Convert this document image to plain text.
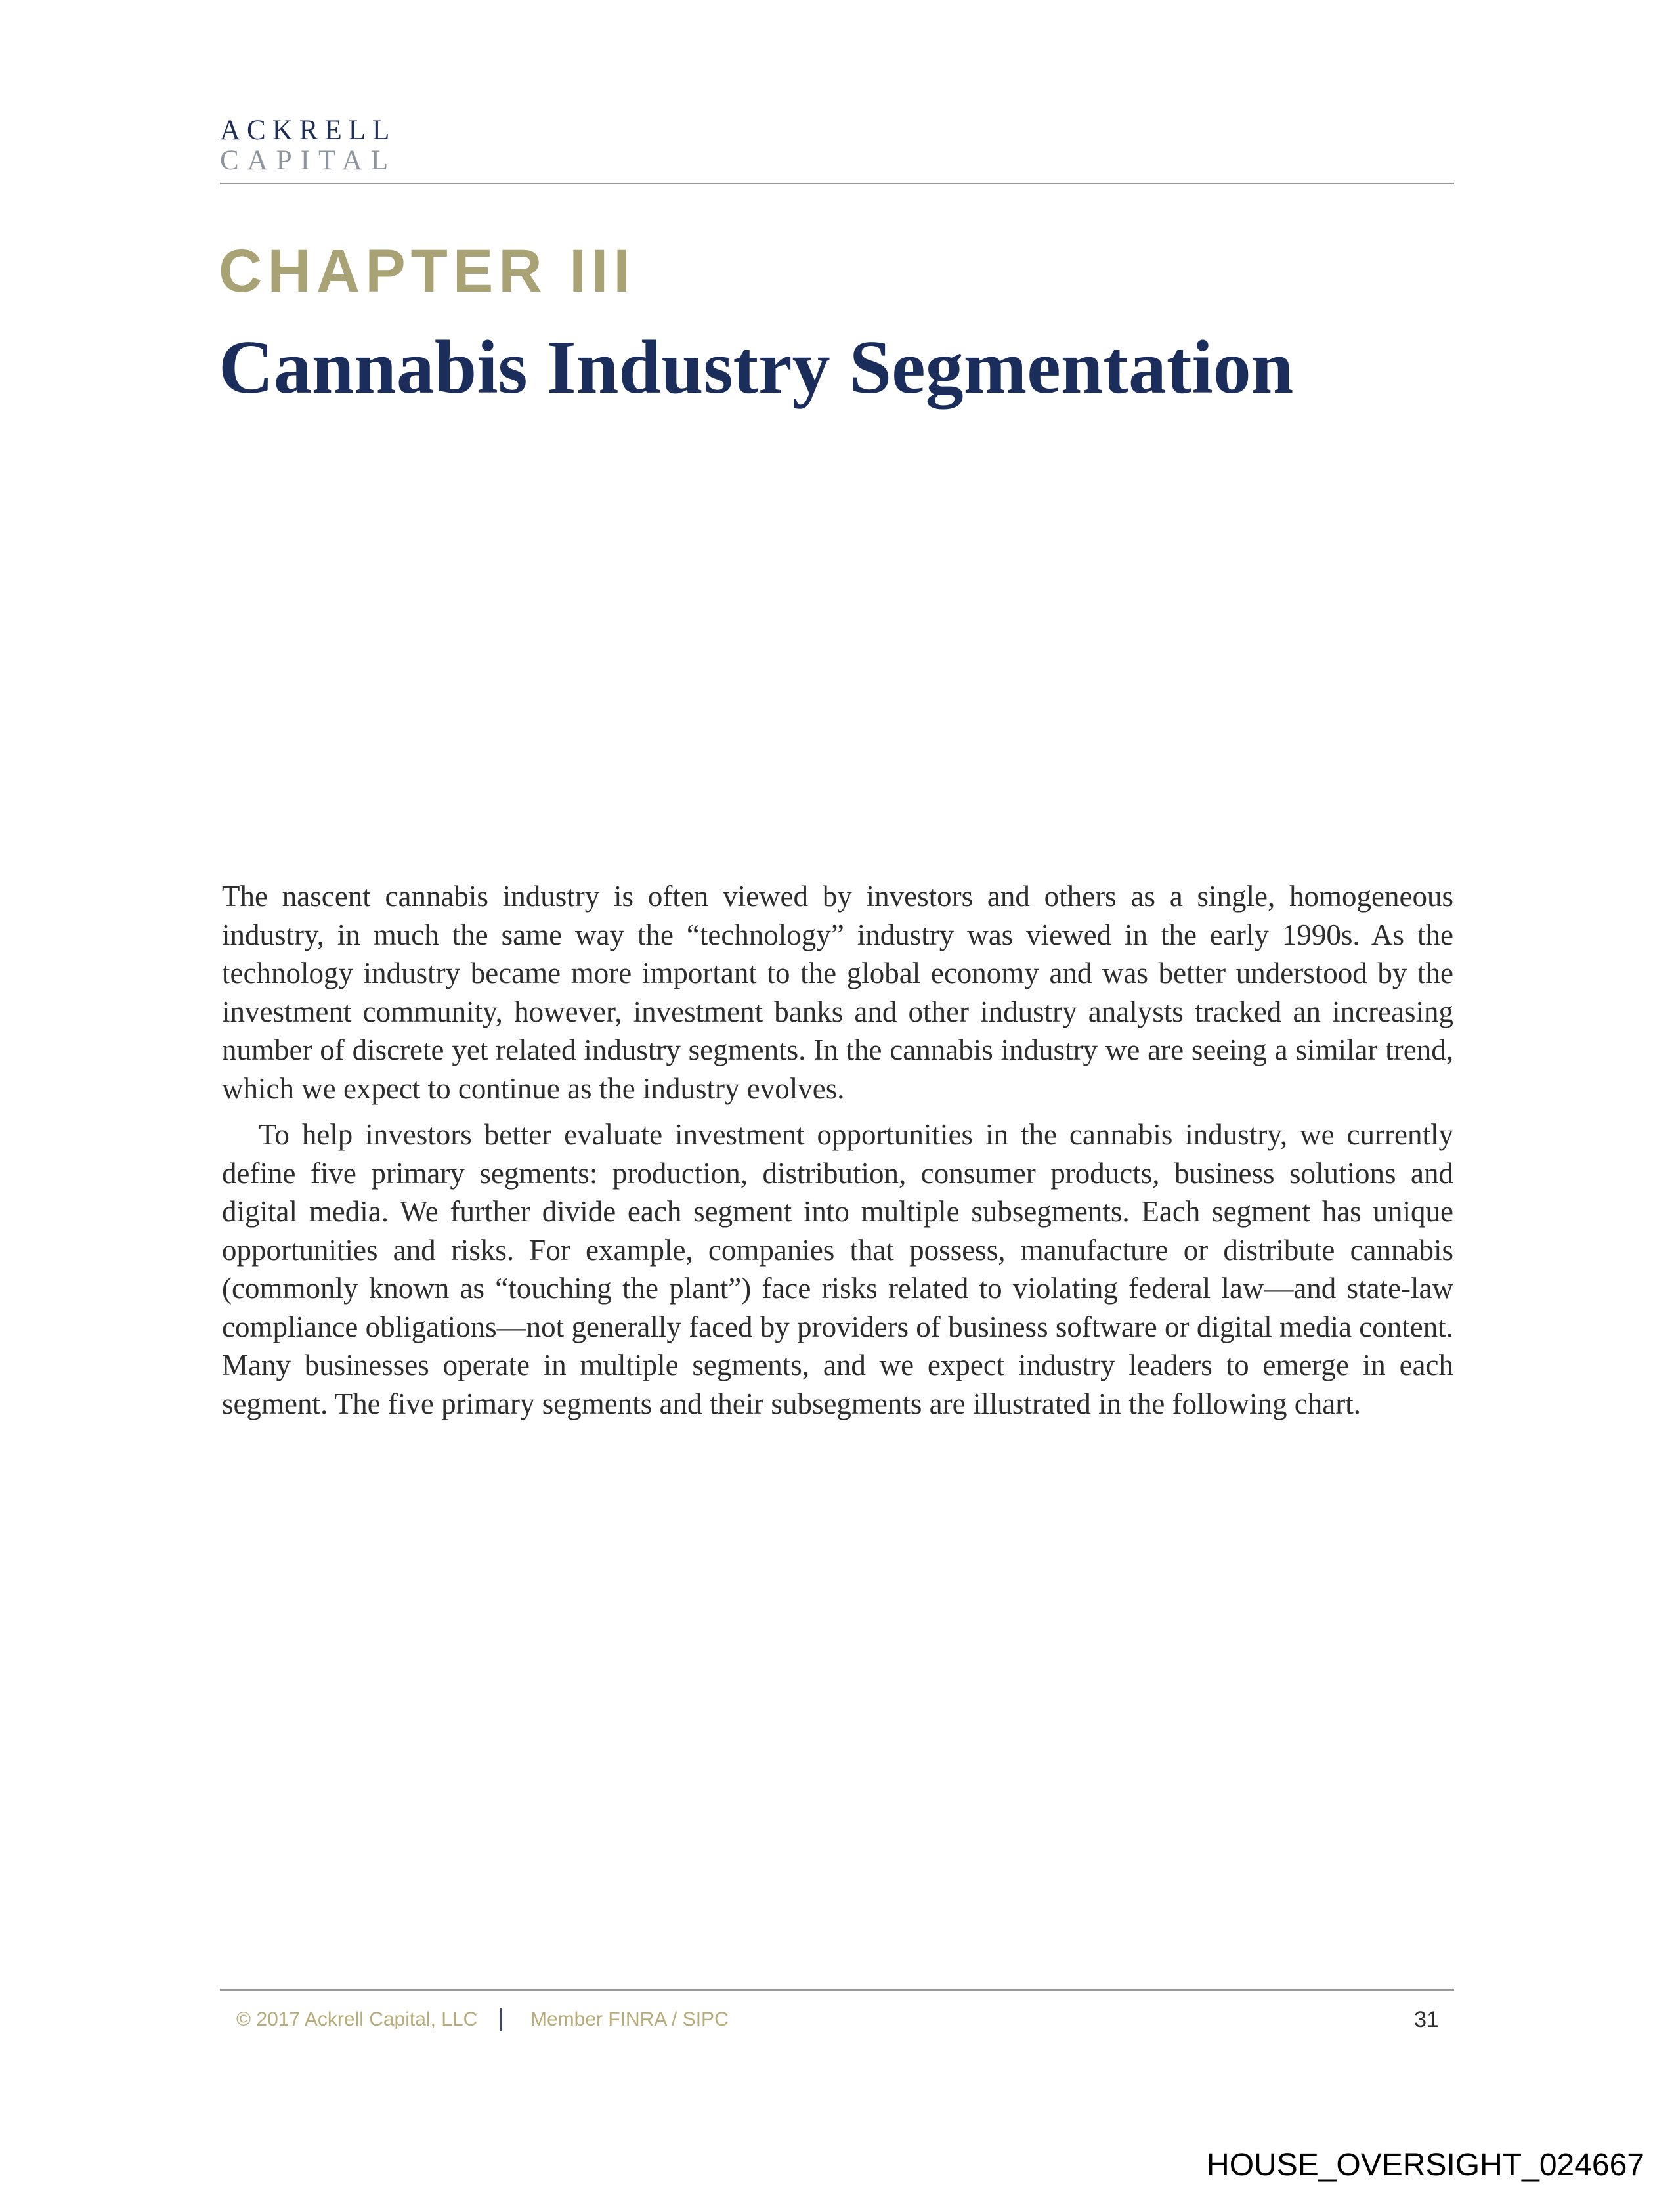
ACKRELL
CAPITAL
CHAPTER III
Cannabis Industry Segmentation

The nascent cannabis industry is often viewed by investors and others as a single, homogeneous industry, in much the same way the “technology” industry was viewed in the early 1990s. As the technology industry became more important to the global economy and was better understood by the investment community, however, investment banks and other industry analysts tracked an increasing number of discrete yet related industry segments. In the cannabis industry we are seeing a similar trend, which we expect to continue as the industry evolves.

To help investors better evaluate investment opportunities in the cannabis industry, we currently define five primary segments: production, distribution, consumer products, business solutions and digital media. We further divide each segment into multiple subsegments. Each segment has unique opportunities and risks. For example, companies that possess, manufacture or distribute cannabis (commonly known as “touching the plant”) face risks related to violating federal law—and state-law compliance obligations—not generally faced by providers of business software or digital media content. Many businesses operate in multiple segments, and we expect industry leaders to emerge in each segment. The five primary segments and their subsegments are illustrated in the following chart.

© 2017 Ackrell Capital, LLC	Member FINRA / SIPC	31
HOUSE_OVERSIGHT_024667
